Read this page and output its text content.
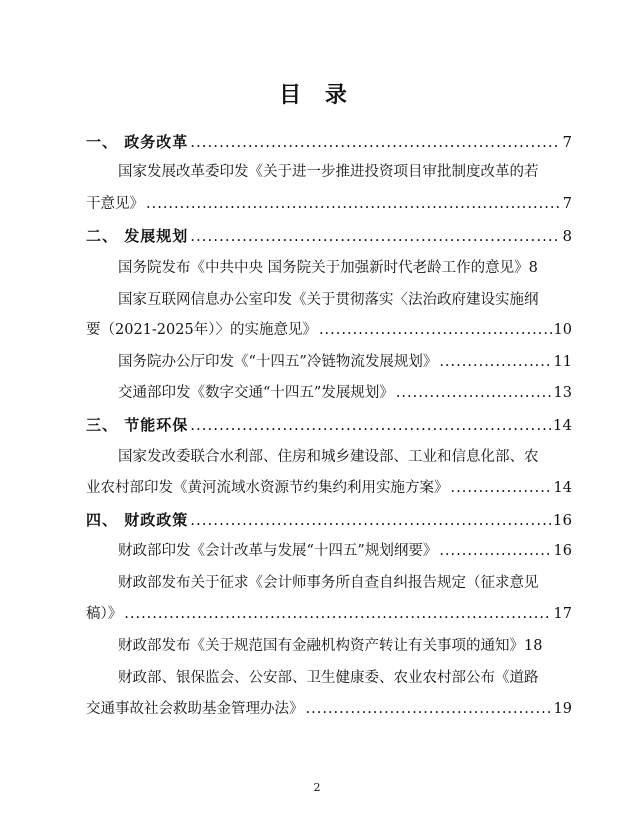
目 录
一、 政务改革 .....	7
国家发展改革委印发《关于进一步推进投资项目审批制度改革的若
干意见》 .....	7
二、 发展规划 .....	8
国务院发布《中共中央 国务院关于加强新时代老龄工作的意见》 8
国家互联网信息办公室印发《关于贯彻落实〈法治政府建设实施纲
要（2021-2025年）〉的实施意见》 .....	10
国务院办公厅印发《“十四五”冷链物流发展规划》 .....	11
交通部印发《数字交通“十四五”发展规划》 .....	13
三、 节能环保 .....	14
国家发改委联合水利部、住房和城乡建设部、工业和信息化部、农
业农村部印发《黄河流域水资源节约集约利用实施方案》 .....	14
四、 财政政策 .....	16
财政部印发《会计改革与发展“十四五”规划纲要》 .....	16
财政部发布关于征求《会计师事务所自查自纠报告规定（征求意见
稿）》 .....	17
财政部发布《关于规范国有金融机构资产转让有关事项的通知》 18
财政部、银保监会、公安部、卫生健康委、农业农村部公布《道路
交通事故社会救助基金管理办法》 .....	19
2
